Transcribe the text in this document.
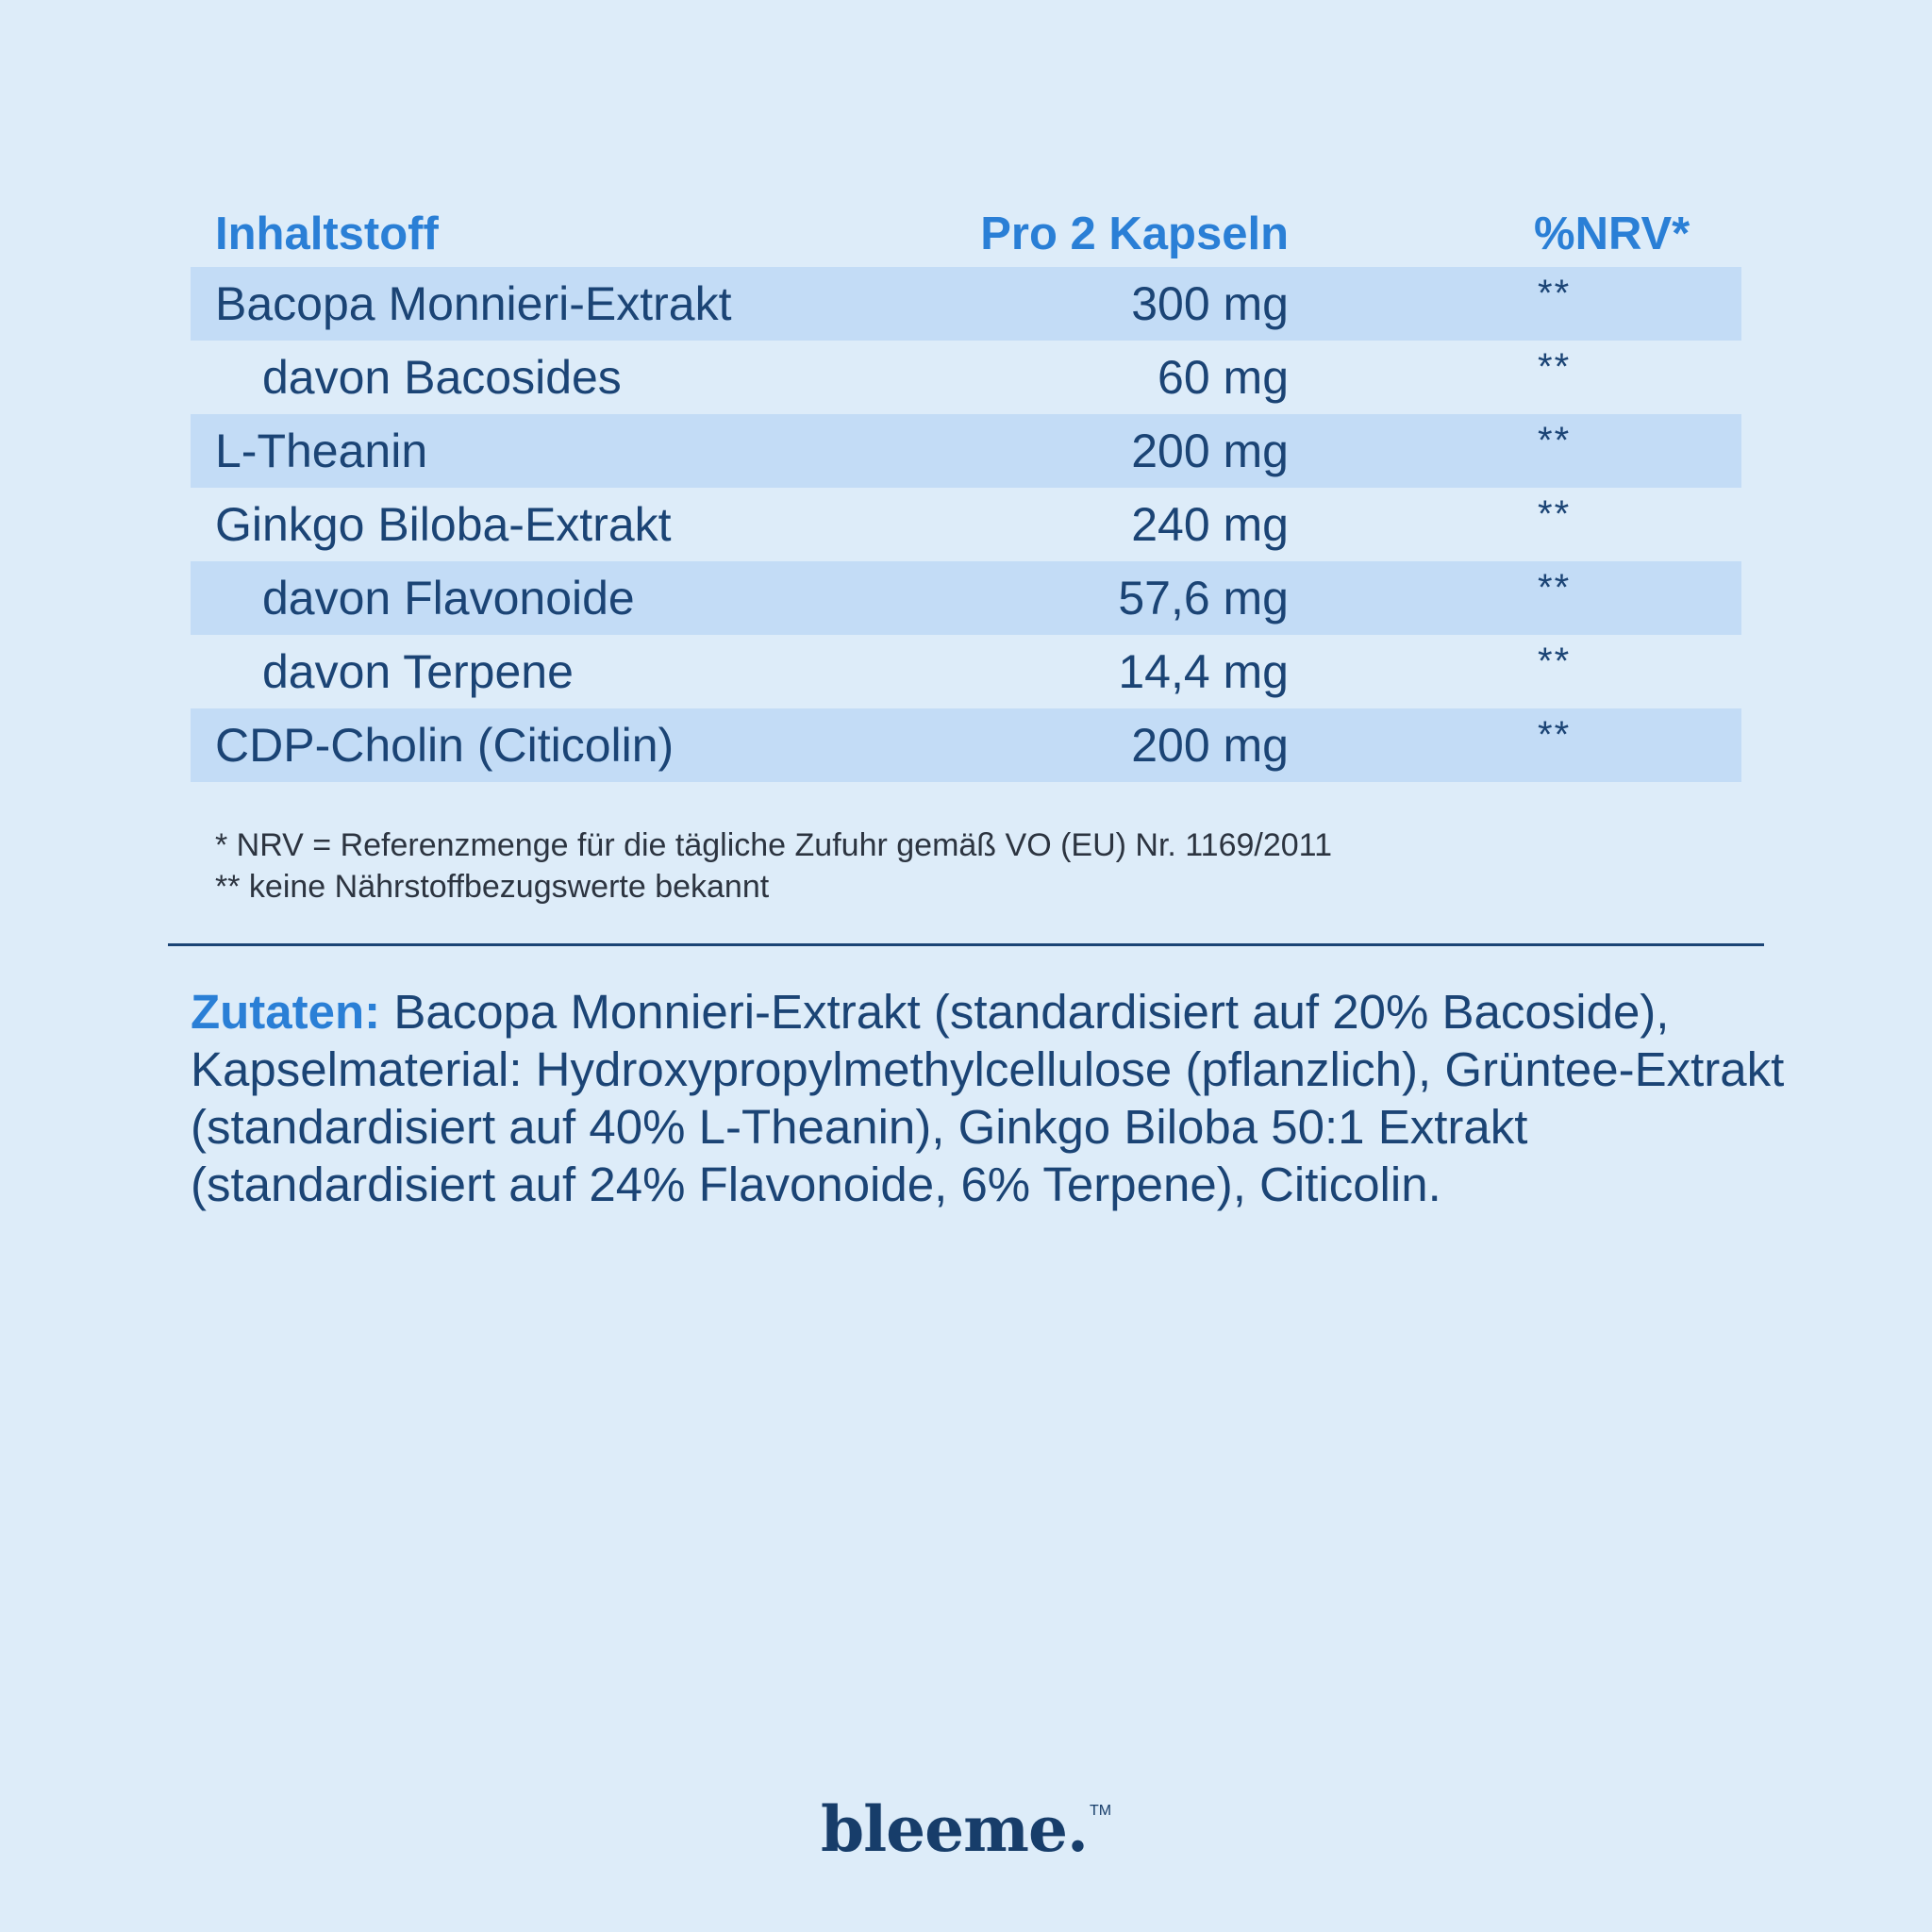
Inhaltstoff	Pro 2 Kapseln	%NRV*
Bacopa Monnieri-Extrakt	300 mg	**
davon Bacosides	60 mg	**
L-Theanin	200 mg	**
Ginkgo Biloba-Extrakt	240 mg	**
davon Flavonoide	57,6 mg	**
davon Terpene	14,4 mg	**
CDP-Cholin (Citicolin)	200 mg	**
* NRV = Referenzmenge für die tägliche Zufuhr gemäß VO (EU) Nr. 1169/2011
** keine Nährstoffbezugswerte bekannt
Zutaten: Bacopa Monnieri-Extrakt (standardisiert auf 20% Bacoside), Kapselmaterial: Hydroxypropylmethylcellulose (pflanzlich), Grüntee-Extrakt (standardisiert auf 40% L-Theanin), Ginkgo Biloba 50:1 Extrakt (standardisiert auf 24% Flavonoide, 6% Terpene), Citicolin.
bleeme. TM
